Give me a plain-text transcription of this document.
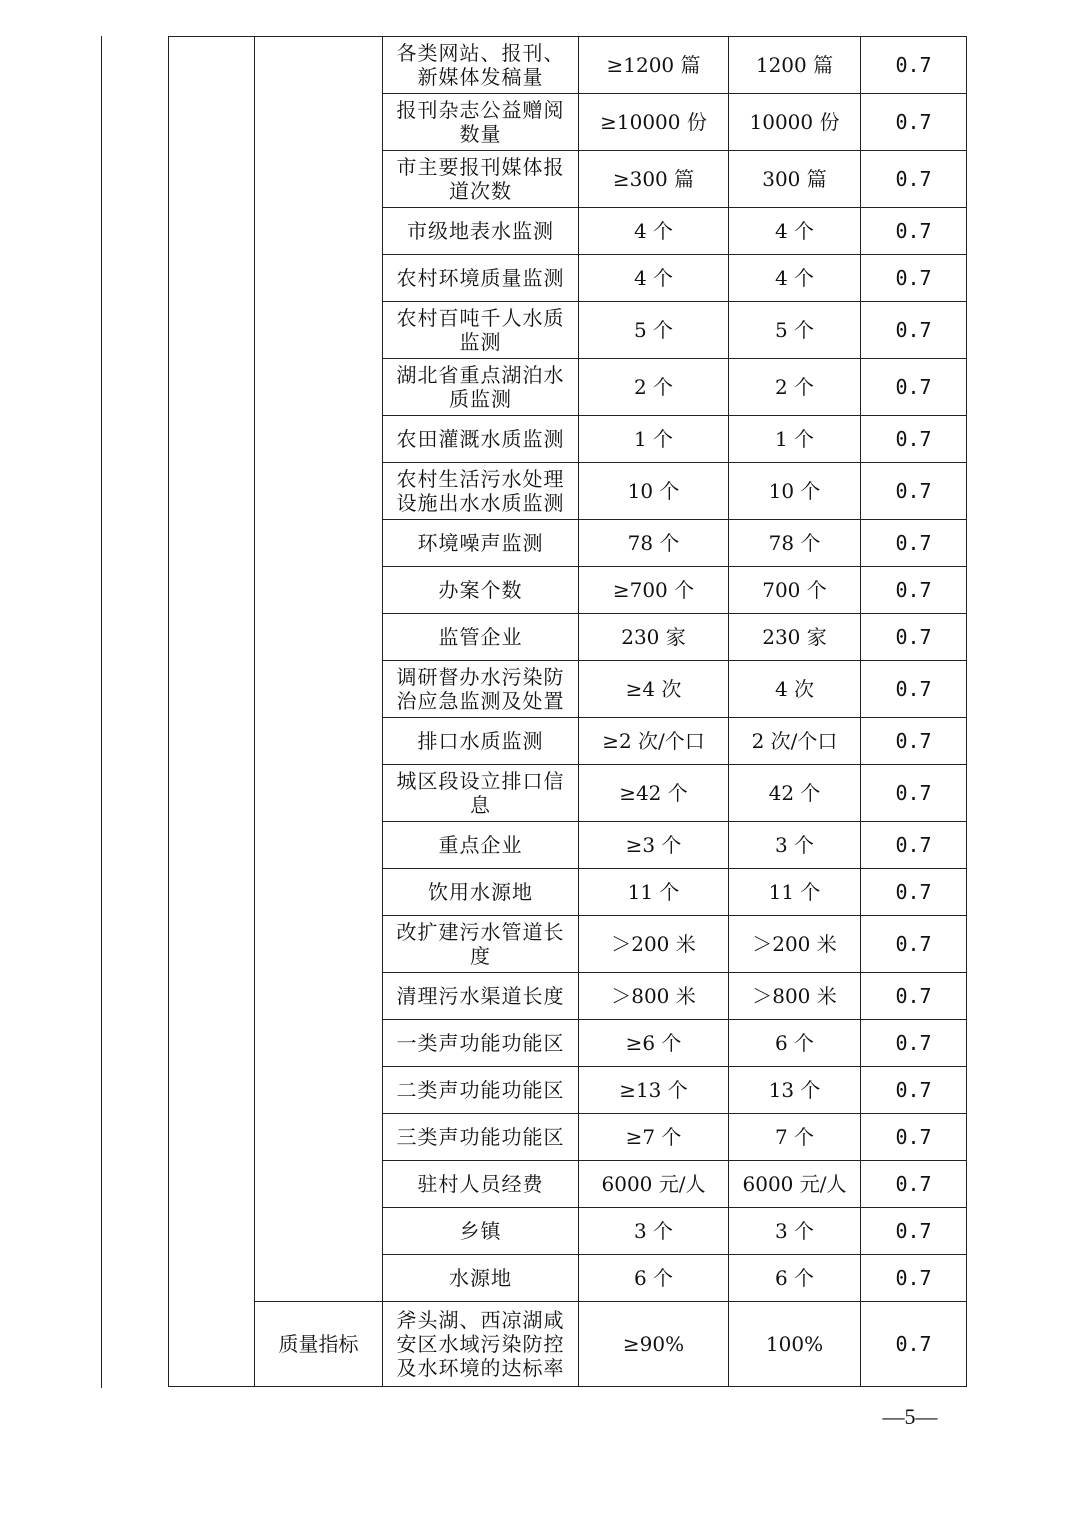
		各类网站、报刊、新媒体发稿量	≥1200 篇	1200 篇	0.7
		报刊杂志公益赠阅数量	≥10000 份	10000 份	0.7
		市主要报刊媒体报道次数	≥300 篇	300 篇	0.7
		市级地表水监测	4 个	4 个	0.7
		农村环境质量监测	4 个	4 个	0.7
		农村百吨千人水质监测	5 个	5 个	0.7
		湖北省重点湖泊水质监测	2 个	2 个	0.7
		农田灌溉水质监测	1 个	1 个	0.7
		农村生活污水处理设施出水水质监测	10 个	10 个	0.7
		环境噪声监测	78 个	78 个	0.7
		办案个数	≥700 个	700 个	0.7
		监管企业	230 家	230 家	0.7
		调研督办水污染防治应急监测及处置	≥4 次	4 次	0.7
		排口水质监测	≥2 次/个口	2 次/个口	0.7
		城区段设立排口信息	≥42 个	42 个	0.7
		重点企业	≥3 个	3 个	0.7
		饮用水源地	11 个	11 个	0.7
		改扩建污水管道长度	＞200 米	＞200 米	0.7
		清理污水渠道长度	＞800 米	＞800 米	0.7
		一类声功能功能区	≥6 个	6 个	0.7
		二类声功能功能区	≥13 个	13 个	0.7
		三类声功能功能区	≥7 个	7 个	0.7
		驻村人员经费	6000 元/人	6000 元/人	0.7
		乡镇	3 个	3 个	0.7
		水源地	6 个	6 个	0.7
	质量指标	斧头湖、西凉湖咸安区水域污染防控及水环境的达标率	≥90%	100%	0.7
—5—
